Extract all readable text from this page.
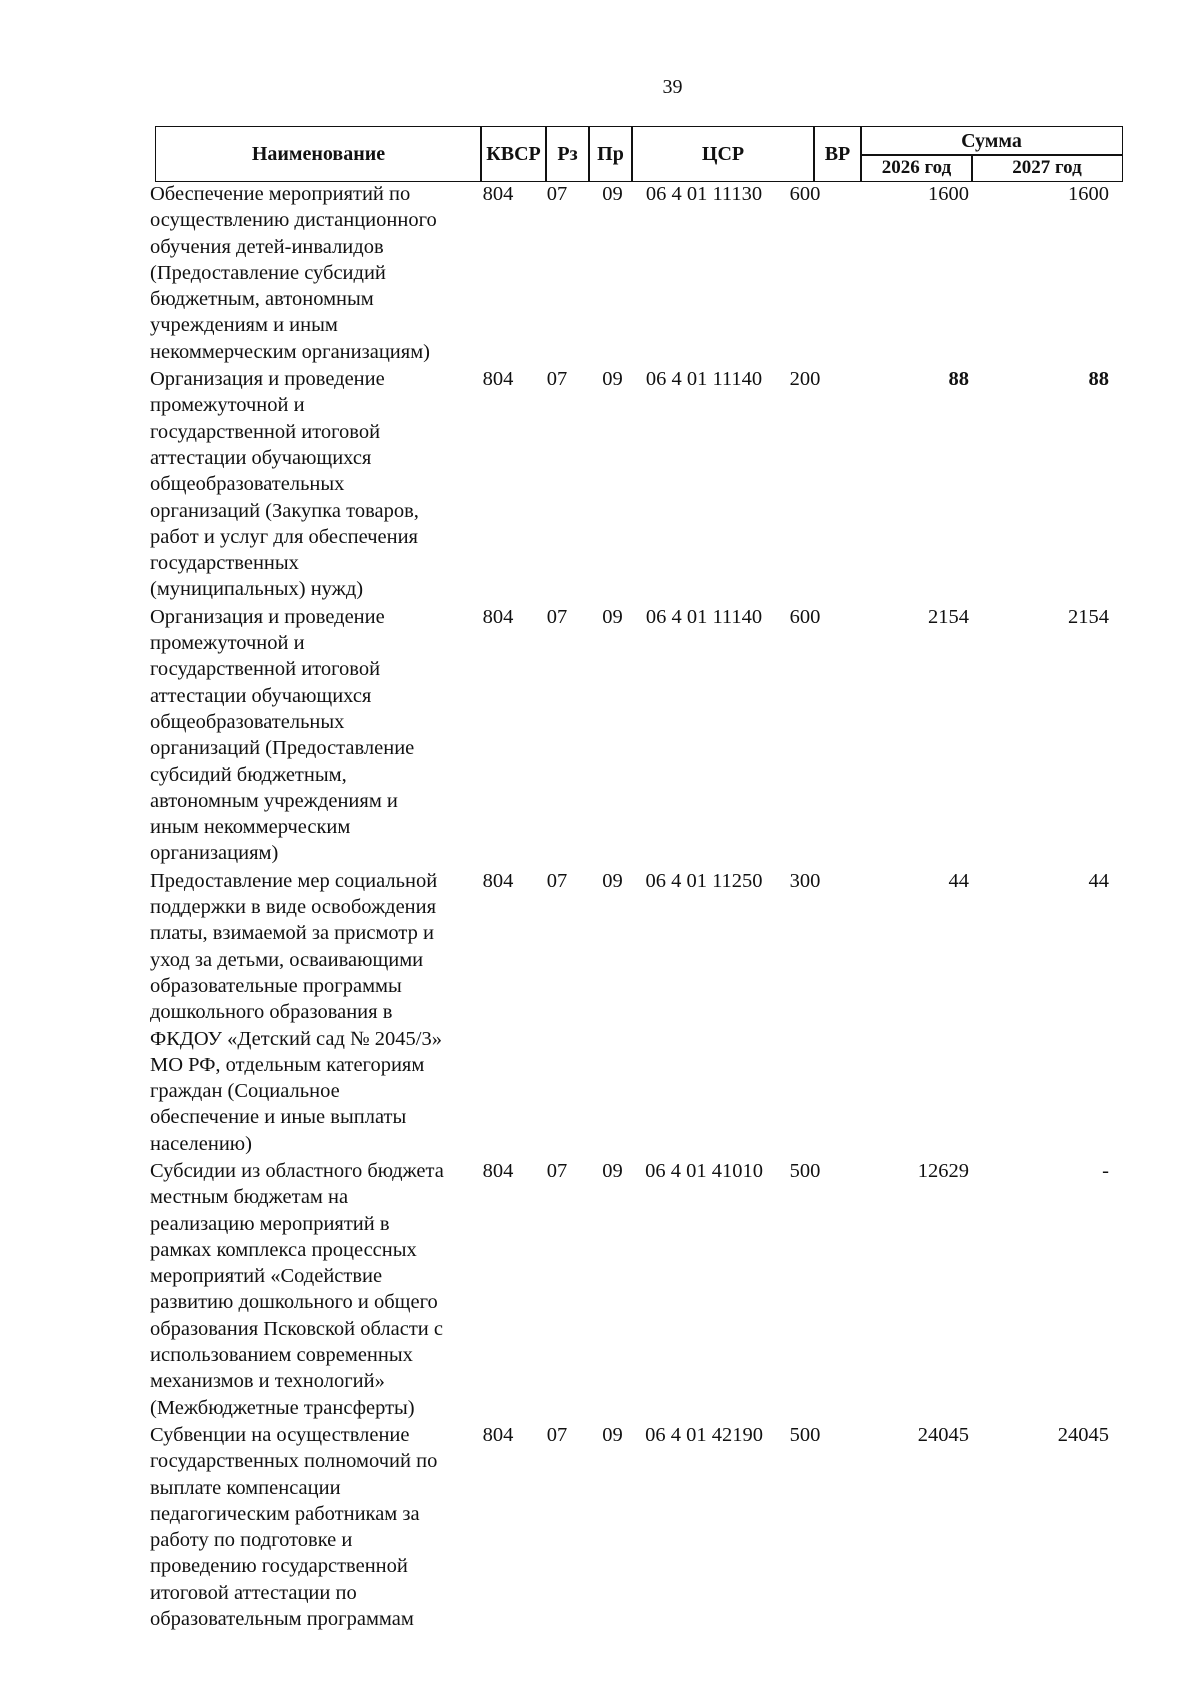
39
Наименование	КВСР Рз Пр	ЦСР	ВР
Сумма
2026 год	2027 год
Обеспечение мероприятий по
осуществлению дистанционного
обучения детей-инвалидов
(Предоставление субсидий
бюджетным, автономным
учреждениям и иным
некоммерческим организациям)
804	07	09	06 4 01 11130	600	1600	1600
Организация и проведение
промежуточной и
государственной итоговой
аттестации обучающихся
общеобразовательных
организаций (Закупка товаров,
работ и услуг для обеспечения
государственных
(муниципальных) нужд)
804	07	09	06 4 01 11140	200	88	88
Организация и проведение
промежуточной и
государственной итоговой
аттестации обучающихся
общеобразовательных
организаций (Предоставление
субсидий бюджетным,
автономным учреждениям и
иным некоммерческим
организациям)
804	07	09	06 4 01 11140	600	2154	2154
Предоставление мер социальной
поддержки в виде освобождения
платы, взимаемой за присмотр и
уход за детьми, осваивающими
образовательные программы
дошкольного образования в
ФКДОУ «Детский сад № 2045/3»
МО РФ, отдельным категориям
граждан (Социальное
обеспечение и иные выплаты
населению)
804	07	09	06 4 01 11250	300	44	44
Субсидии из областного бюджета
местным бюджетам на
реализацию мероприятий в
рамках комплекса процессных
мероприятий «Содействие
развитию дошкольного и общего
образования Псковской области с
использованием современных
механизмов и технологий»
(Межбюджетные трансферты)
804	07	09	06 4 01 41010	500	12629	-
Субвенции на осуществление
государственных полномочий по
выплате компенсации
педагогическим работникам за
работу по подготовке и
проведению государственной
итоговой аттестации по
образовательным программам
804	07	09	06 4 01 42190	500	24045	24045
